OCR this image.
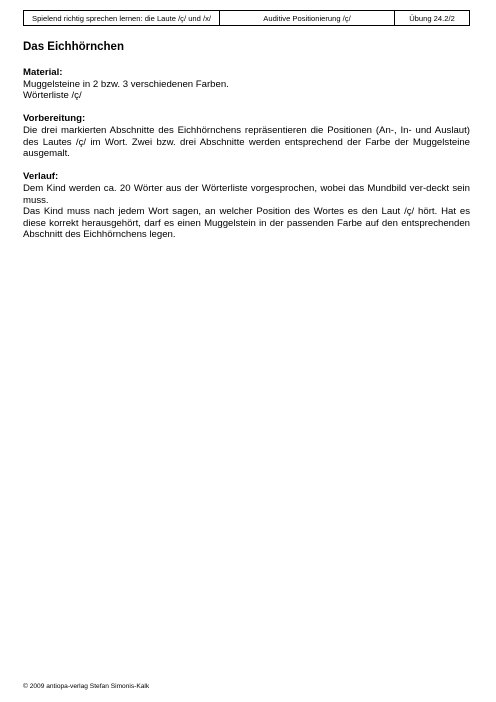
Spielend richtig sprechen lernen: die Laute /ç/ und /x/	Auditive Positionierung /ç/	Übung 24.2/2
Das Eichhörnchen

Material:

Muggelsteine in 2 bzw. 3 verschiedenen Farben.

Wörterliste /ç/

Vorbereitung:

Die drei markierten Abschnitte des Eichhörnchens repräsentieren die Positionen (An-, In- und Auslaut) des Lautes /ç/ im Wort. Zwei bzw. drei Abschnitte werden entsprechend der Farbe der Muggelsteine ausgemalt.

Verlauf:

Dem Kind werden ca. 20 Wörter aus der Wörterliste vorgesprochen, wobei das Mundbild ver-deckt sein muss.

Das Kind muss nach jedem Wort sagen, an welcher Position des Wortes es den Laut /ç/ hört. Hat es diese korrekt herausgehört, darf es einen Muggelstein in der passenden Farbe auf den entsprechenden Abschnitt des Eichhörnchens legen.

© 2009 antiopa-verlag Stefan Simonis-Kalk
